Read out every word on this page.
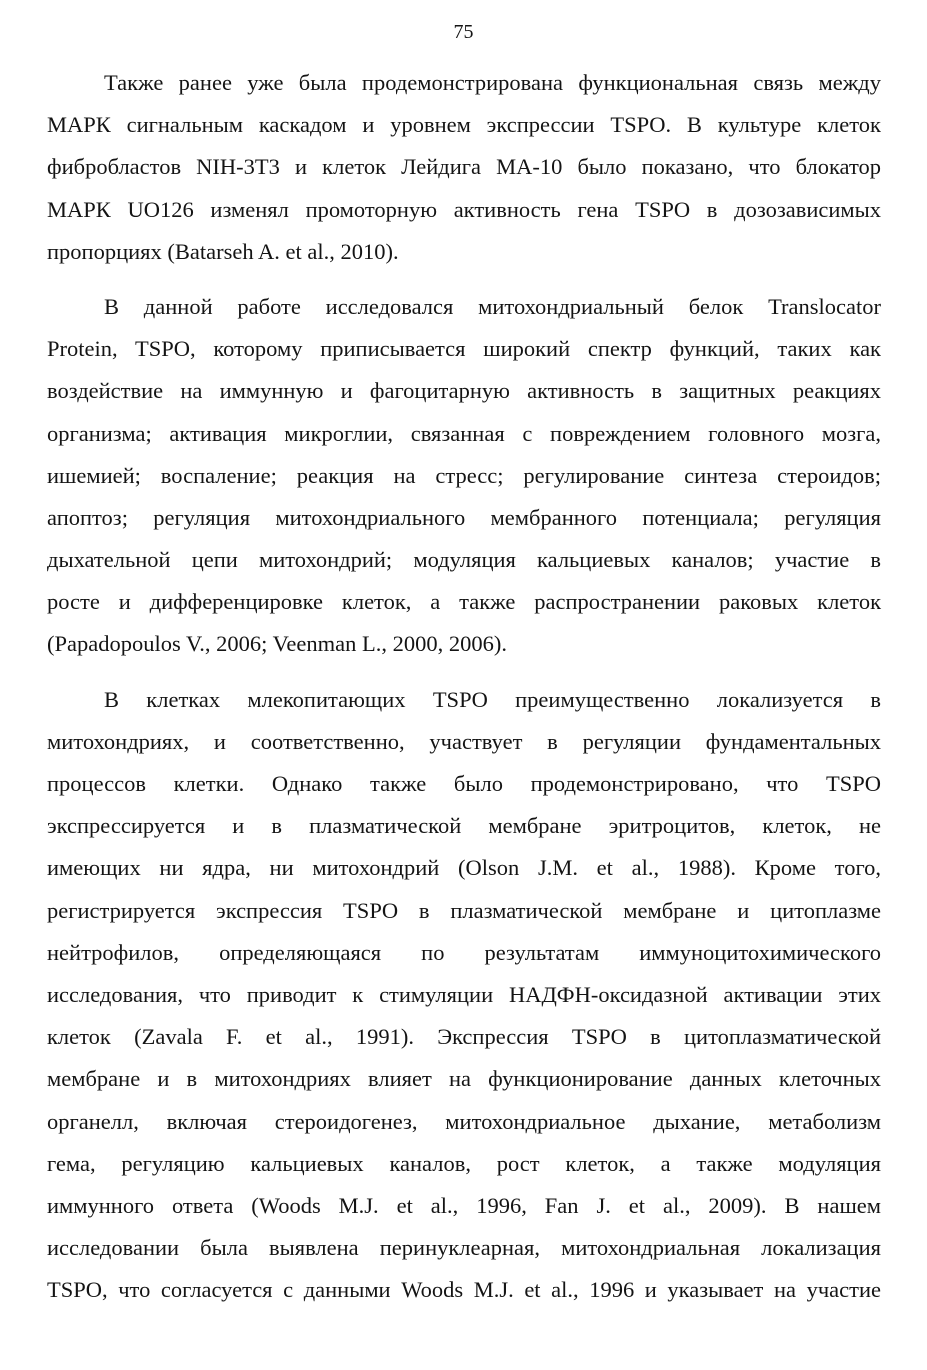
75

Также ранее уже была продемонстрирована функциональная связь между
МАРК сигнальным каскадом и уровнем экспрессии TSPO. В культуре клеток
фибробластов NIH-3T3 и клеток Лейдига МА-10 было показано, что блокатор
МАРК UO126 изменял промоторную активность гена TSPO в дозозависимых
пропорциях (Batarseh A. et al., 2010).

В данной работе исследовался митохондриальный белок Translocator
Protein, TSPO, которому приписывается широкий спектр функций, таких как
воздействие на иммунную и фагоцитарную активность в защитных реакциях
организма; активация микроглии, связанная с повреждением головного мозга,
ишемией; воспаление; реакция на стресс; регулирование синтеза стероидов;
апоптоз; регуляция митохондриального мембранного потенциала; регуляция
дыхательной цепи митохондрий; модуляция кальциевых каналов; участие в
росте и дифференцировке клеток, а также распространении раковых клеток
(Papadopoulos V., 2006; Veenman L., 2000, 2006).

В клетках млекопитающих TSPO преимущественно локализуется в
митохондриях, и соответственно, участвует в регуляции фундаментальных
процессов клетки. Однако также было продемонстрировано, что TSPO
экспрессируется и в плазматической мембране эритроцитов, клеток, не
имеющих ни ядра, ни митохондрий (Olson J.M. et al., 1988). Кроме того,
регистрируется экспрессия TSPO в плазматической мембране и цитоплазме
нейтрофилов, определяющаяся по результатам иммуноцитохимического
исследования, что приводит к стимуляции НАДФН-оксидазной активации этих
клеток (Zavala F. et al., 1991). Экспрессия TSPO в цитоплазматической
мембране и в митохондриях влияет на функционирование данных клеточных
органелл, включая стероидогенез, митохондриальное дыхание, метаболизм
гема, регуляцию кальциевых каналов, рост клеток, а также модуляция
иммунного ответа (Woods M.J. et al., 1996, Fan J. et al., 2009). В нашем
исследовании была выявлена перинуклеарная, митохондриальная локализация
TSPO, что согласуется с данными Woods M.J. et al., 1996 и указывает на участие
